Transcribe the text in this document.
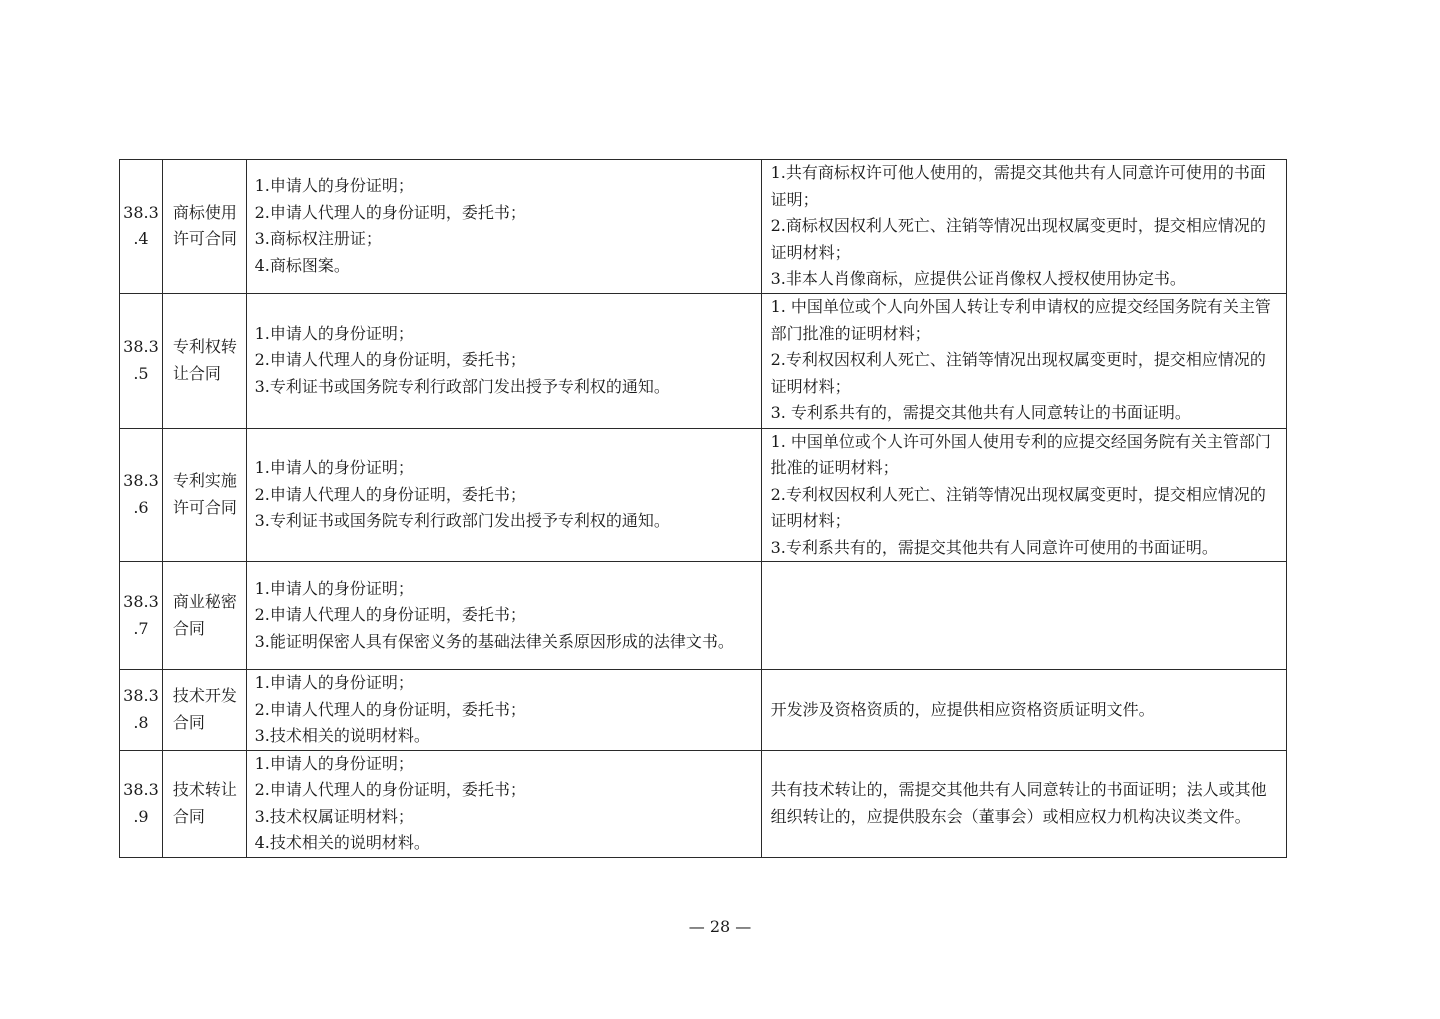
38.3
.4	商标使用许可合同	1.申请人的身份证明；
2.申请人代理人的身份证明，委托书；
3.商标权注册证；
4.商标图案。	1.共有商标权许可他人使用的，需提交其他共有人同意许可使用的书面证明；
2.商标权因权利人死亡、注销等情况出现权属变更时，提交相应情况的证明材料；
3.非本人肖像商标，应提供公证肖像权人授权使用协定书。

38.3
.5	专利权转让合同	1.申请人的身份证明；
2.申请人代理人的身份证明，委托书；
3.专利证书或国务院专利行政部门发出授予专利权的通知。	1. 中国单位或个人向外国人转让专利申请权的应提交经国务院有关主管部门批准的证明材料；
2.专利权因权利人死亡、注销等情况出现权属变更时，提交相应情况的证明材料；
3. 专利系共有的，需提交其他共有人同意转让的书面证明。

38.3
.6	专利实施许可合同	1.申请人的身份证明；
2.申请人代理人的身份证明，委托书；
3.专利证书或国务院专利行政部门发出授予专利权的通知。	1. 中国单位或个人许可外国人使用专利的应提交经国务院有关主管部门批准的证明材料；
2.专利权因权利人死亡、注销等情况出现权属变更时，提交相应情况的证明材料；
3.专利系共有的，需提交其他共有人同意许可使用的书面证明。

38.3
.7	商业秘密合同	1.申请人的身份证明；
2.申请人代理人的身份证明，委托书；
3.能证明保密人具有保密义务的基础法律关系原因形成的法律文书。	

38.3
.8	技术开发合同	1.申请人的身份证明；
2.申请人代理人的身份证明，委托书；
3.技术相关的说明材料。	开发涉及资格资质的，应提供相应资格资质证明文件。

38.3
.9	技术转让合同	1.申请人的身份证明；
2.申请人代理人的身份证明，委托书；
3.技术权属证明材料；
4.技术相关的说明材料。	共有技术转让的，需提交其他共有人同意转让的书面证明；法人或其他组织转让的，应提供股东会（董事会）或相应权力机构决议类文件。
— 28 —
